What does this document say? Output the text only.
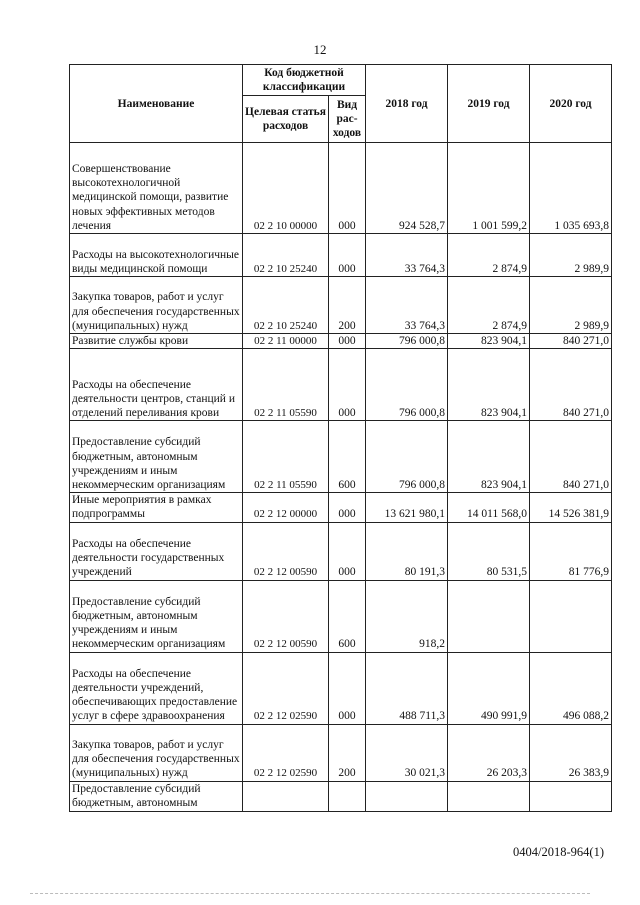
12
Наименование	Код бюджетной классификации		2018 год	2019 год	2020 год
	Целевая статья расходов	Вид рас-ходов			
Совершенствование высокотехнологичной медицинской помощи, развитие новых эффективных методов лечения	02 2 10 00000	000	924 528,7	1 001 599,2	1 035 693,8
Расходы на высокотехнологичные виды медицинской помощи	02 2 10 25240	000	33 764,3	2 874,9	2 989,9
Закупка товаров, работ и услуг для обеспечения государственных (муниципальных) нужд	02 2 10 25240	200	33 764,3	2 874,9	2 989,9
Развитие службы крови	02 2 11 00000	000	796 000,8	823 904,1	840 271,0
Расходы на обеспечение деятельности центров, станций и отделений переливания крови	02 2 11 05590	000	796 000,8	823 904,1	840 271,0
Предоставление субсидий бюджетным, автономным учреждениям и иным некоммерческим организациям	02 2 11 05590	600	796 000,8	823 904,1	840 271,0
Иные мероприятия в рамках подпрограммы	02 2 12 00000	000	13 621 980,1	14 011 568,0	14 526 381,9
Расходы на обеспечение деятельности государственных учреждений	02 2 12 00590	000	80 191,3	80 531,5	81 776,9
Предоставление субсидий бюджетным, автономным учреждениям и иным некоммерческим организациям	02 2 12 00590	600	918,2		
Расходы на обеспечение деятельности учреждений, обеспечивающих предоставление услуг в сфере здравоохранения	02 2 12 02590	000	488 711,3	490 991,9	496 088,2
Закупка товаров, работ и услуг для обеспечения государственных (муниципальных) нужд	02 2 12 02590	200	30 021,3	26 203,3	26 383,9
Предоставление субсидий бюджетным, автономным					
0404/2018-964(1)
